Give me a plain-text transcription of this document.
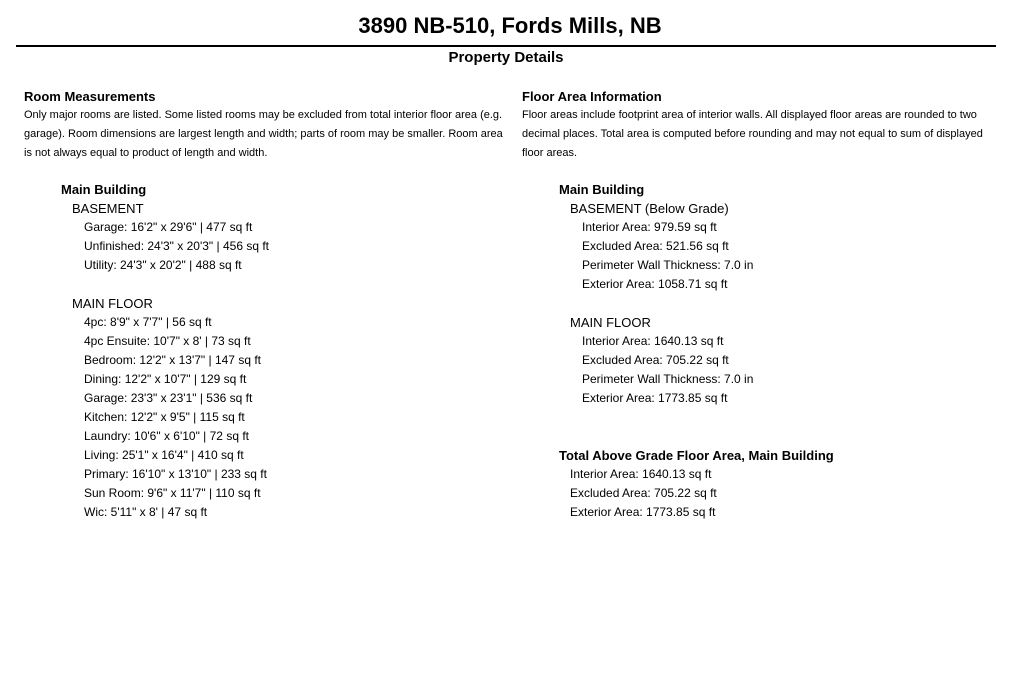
3890 NB-510, Fords Mills, NB
Property Details
Room Measurements
Only major rooms are listed. Some listed rooms may be excluded from total interior floor area (e.g. garage). Room dimensions are largest length and width; parts of room may be smaller. Room area is not always equal to product of length and width.
Main Building
BASEMENT
Garage: 16'2" x 29'6" | 477 sq ft
Unfinished: 24'3" x 20'3" | 456 sq ft
Utility: 24'3" x 20'2" | 488 sq ft
MAIN FLOOR
4pc: 8'9" x 7'7" | 56 sq ft
4pc Ensuite: 10'7" x 8' | 73 sq ft
Bedroom: 12'2" x 13'7" | 147 sq ft
Dining: 12'2" x 10'7" | 129 sq ft
Garage: 23'3" x 23'1" | 536 sq ft
Kitchen: 12'2" x 9'5" | 115 sq ft
Laundry: 10'6" x 6'10" | 72 sq ft
Living: 25'1" x 16'4" | 410 sq ft
Primary: 16'10" x 13'10" | 233 sq ft
Sun Room: 9'6" x 11'7" | 110 sq ft
Wic: 5'11" x 8' | 47 sq ft
Floor Area Information
Floor areas include footprint area of interior walls. All displayed floor areas are rounded to two decimal places. Total area is computed before rounding and may not equal to sum of displayed floor areas.
Main Building
BASEMENT (Below Grade)
Interior Area: 979.59 sq ft
Excluded Area: 521.56 sq ft
Perimeter Wall Thickness: 7.0 in
Exterior Area: 1058.71 sq ft
MAIN FLOOR
Interior Area: 1640.13 sq ft
Excluded Area: 705.22 sq ft
Perimeter Wall Thickness: 7.0 in
Exterior Area: 1773.85 sq ft
Total Above Grade Floor Area, Main Building
Interior Area: 1640.13 sq ft
Excluded Area: 705.22 sq ft
Exterior Area: 1773.85 sq ft
